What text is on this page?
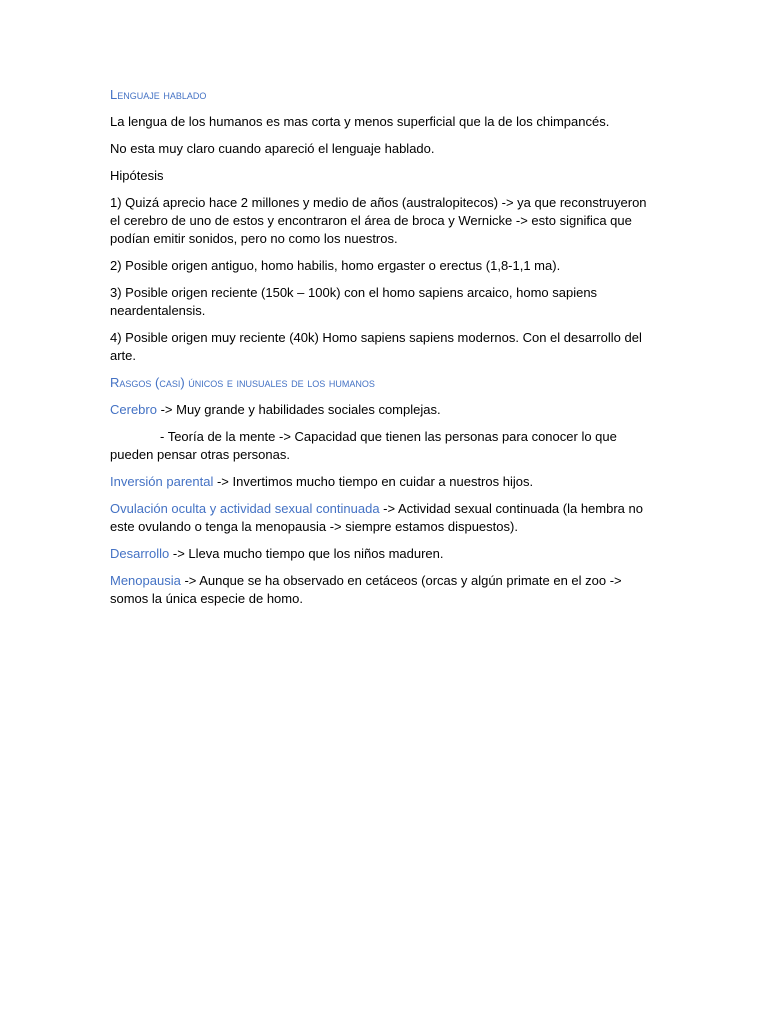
Lenguaje hablado

La lengua de los humanos es mas corta y menos superficial que la de los chimpancés.

No esta muy claro cuando apareció el lenguaje hablado.

Hipótesis

1) Quizá aprecio hace 2 millones y medio de años (australopitecos) -> ya que reconstruyeron el cerebro de uno de estos y encontraron el área de broca y Wernicke -> esto significa que podían emitir sonidos, pero no como los nuestros.

2) Posible origen antiguo, homo habilis, homo ergaster o erectus (1,8-1,1 ma).

3) Posible origen reciente (150k – 100k) con el homo sapiens arcaico, homo sapiens neardentalensis.

4) Posible origen muy reciente (40k) Homo sapiens sapiens modernos. Con el desarrollo del arte.

Rasgos (casi) únicos e inusuales de los humanos

Cerebro -> Muy grande y habilidades sociales complejas.

- Teoría de la mente -> Capacidad que tienen las personas para conocer lo que pueden pensar otras personas.

Inversión parental -> Invertimos mucho tiempo en cuidar a nuestros hijos.

Ovulación oculta y actividad sexual continuada -> Actividad sexual continuada (la hembra no este ovulando o tenga la menopausia -> siempre estamos dispuestos).

Desarrollo -> Lleva mucho tiempo que los niños maduren.

Menopausia -> Aunque se ha observado en cetáceos (orcas y algún primate en el zoo -> somos la única especie de homo.
